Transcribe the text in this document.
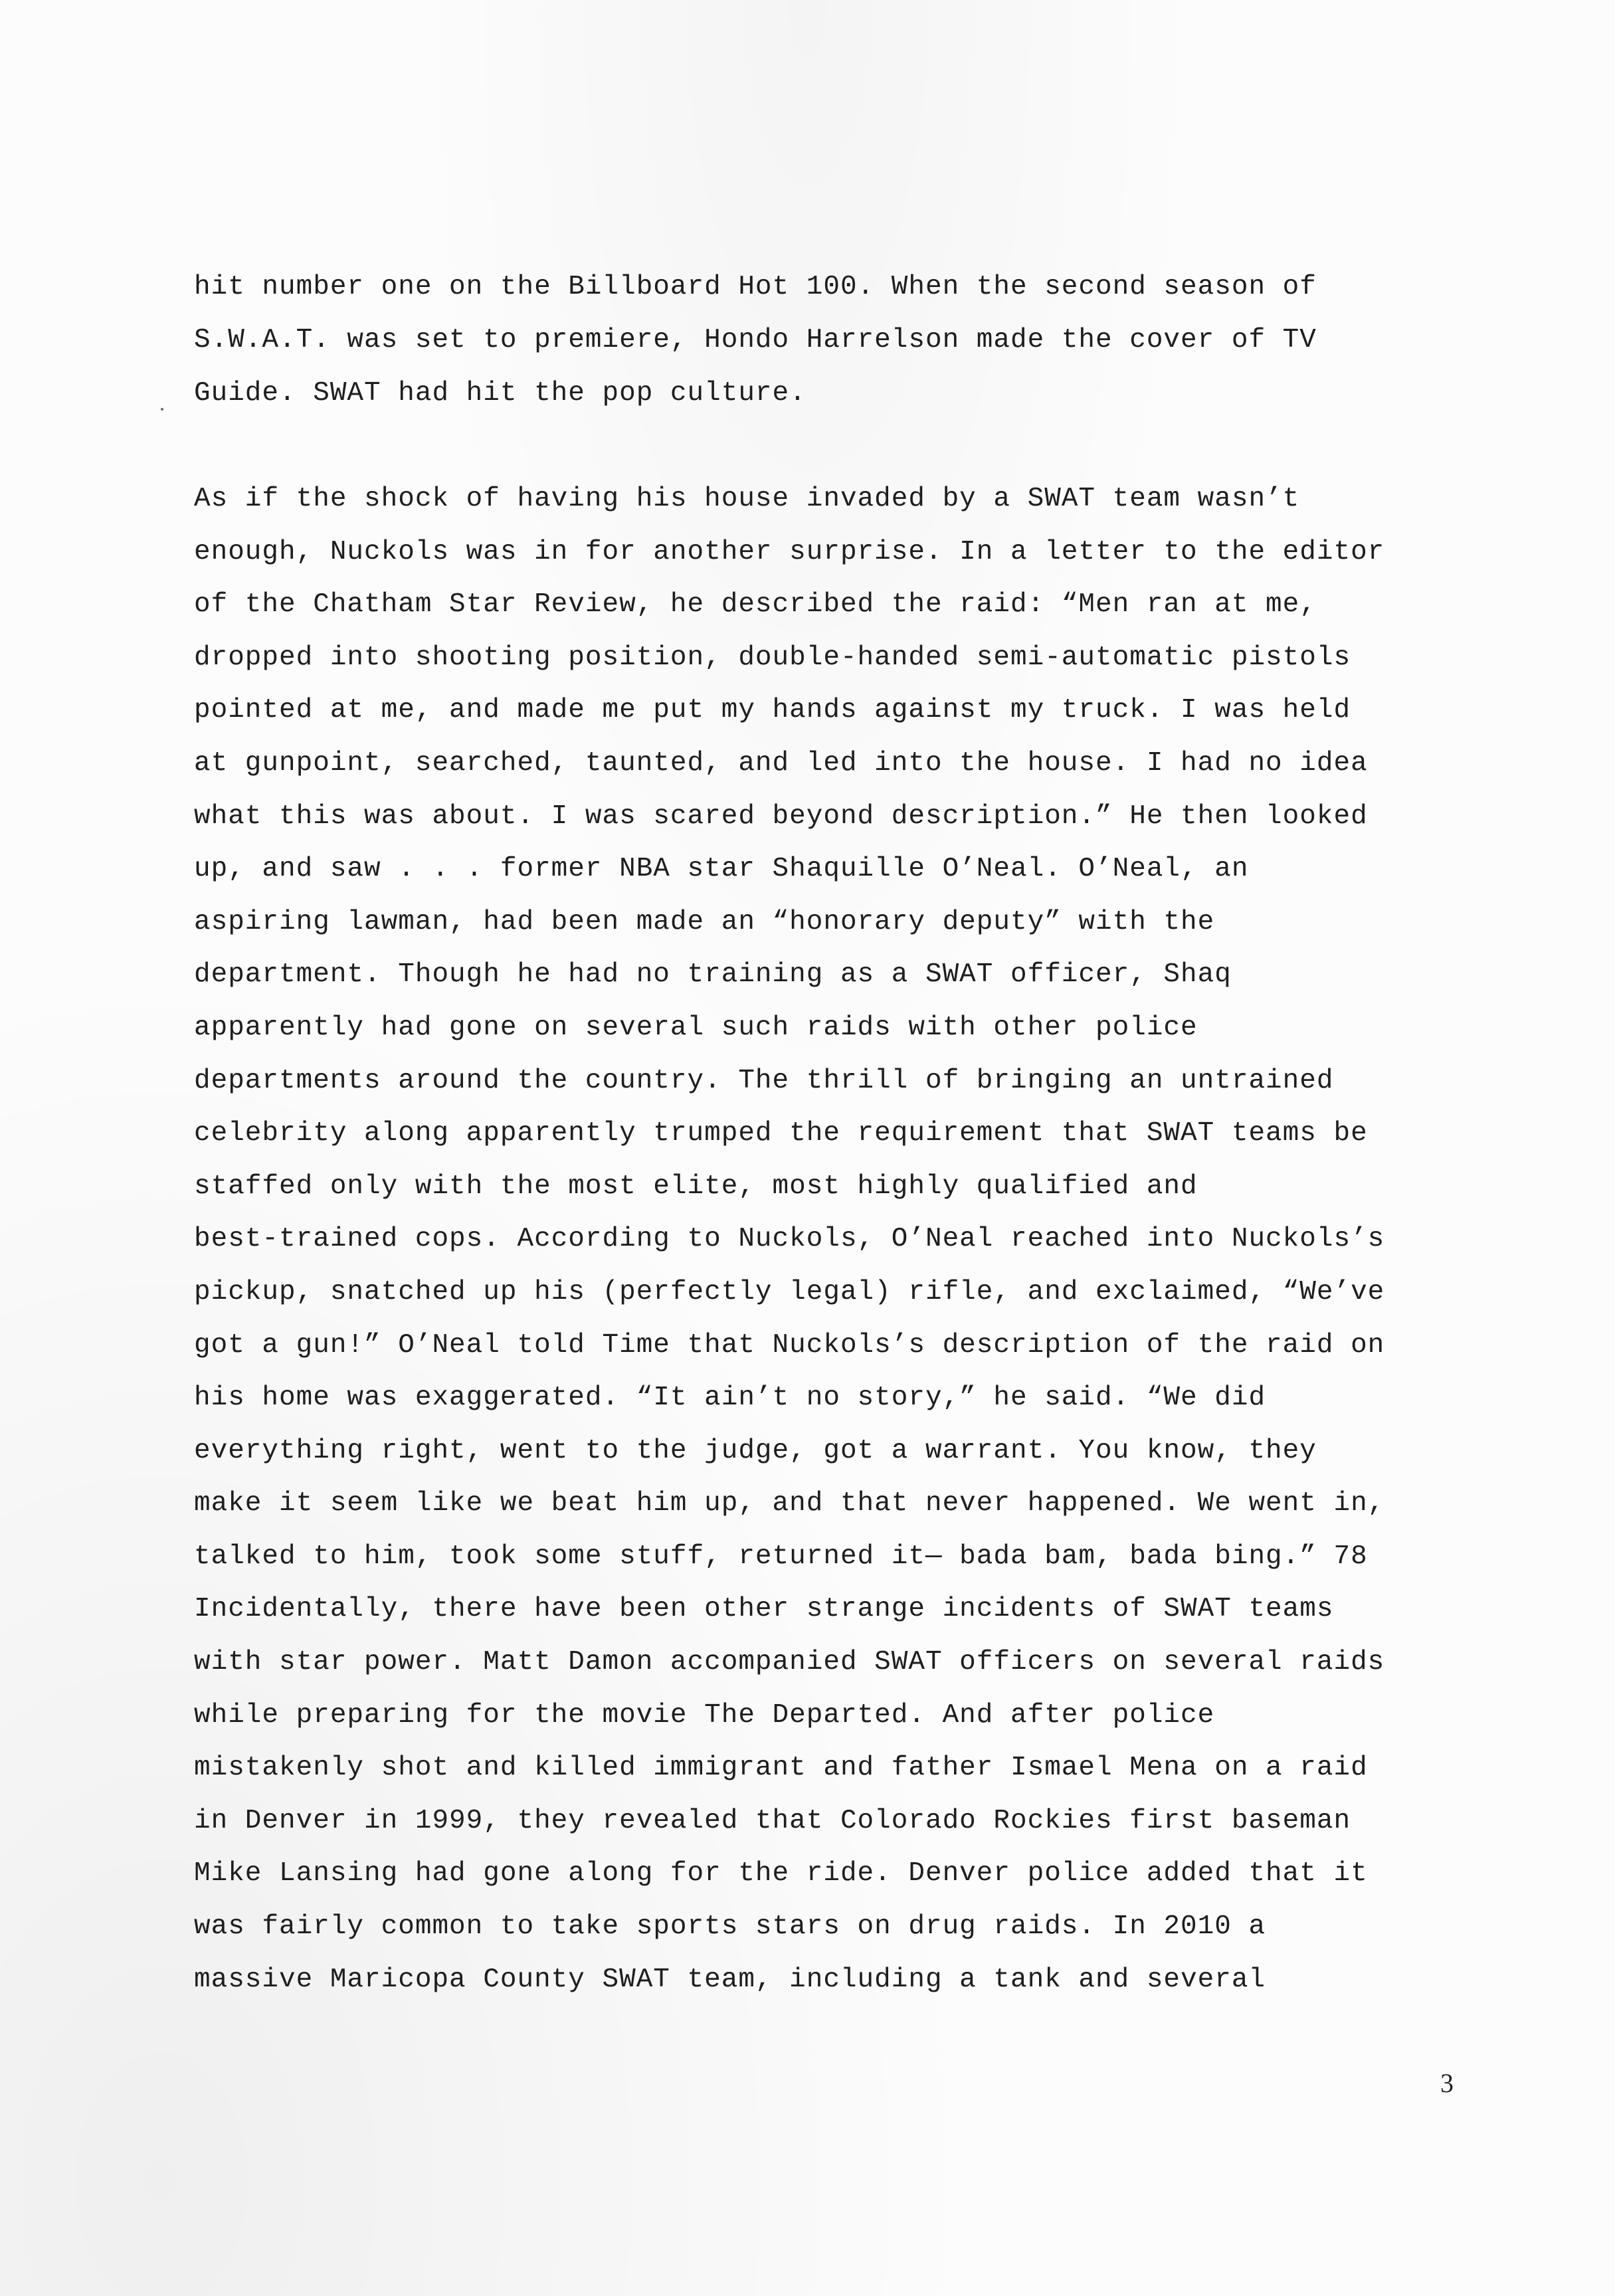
hit number one on the Billboard Hot 100. When the second season of
S.W.A.T. was set to premiere, Hondo Harrelson made the cover of TV
Guide. SWAT had hit the pop culture.
As if the shock of having his house invaded by a SWAT team wasn’t
enough, Nuckols was in for another surprise. In a letter to the editor
of the Chatham Star Review, he described the raid: “Men ran at me,
dropped into shooting position, double-handed semi-automatic pistols
pointed at me, and made me put my hands against my truck. I was held
at gunpoint, searched, taunted, and led into the house. I had no idea
what this was about. I was scared beyond description.” He then looked
up, and saw . . . former NBA star Shaquille O’Neal. O’Neal, an
aspiring lawman, had been made an “honorary deputy” with the
department. Though he had no training as a SWAT officer, Shaq
apparently had gone on several such raids with other police
departments around the country. The thrill of bringing an untrained
celebrity along apparently trumped the requirement that SWAT teams be
staffed only with the most elite, most highly qualified and
best-trained cops. According to Nuckols, O’Neal reached into Nuckols’s
pickup, snatched up his (perfectly legal) rifle, and exclaimed, “We’ve
got a gun!” O’Neal told Time that Nuckols’s description of the raid on
his home was exaggerated. “It ain’t no story,” he said. “We did
everything right, went to the judge, got a warrant. You know, they
make it seem like we beat him up, and that never happened. We went in,
talked to him, took some stuff, returned it— bada bam, bada bing.” 78
Incidentally, there have been other strange incidents of SWAT teams
with star power. Matt Damon accompanied SWAT officers on several raids
while preparing for the movie The Departed. And after police
mistakenly shot and killed immigrant and father Ismael Mena on a raid
in Denver in 1999, they revealed that Colorado Rockies first baseman
Mike Lansing had gone along for the ride. Denver police added that it
was fairly common to take sports stars on drug raids. In 2010 a
massive Maricopa County SWAT team, including a tank and several
3
